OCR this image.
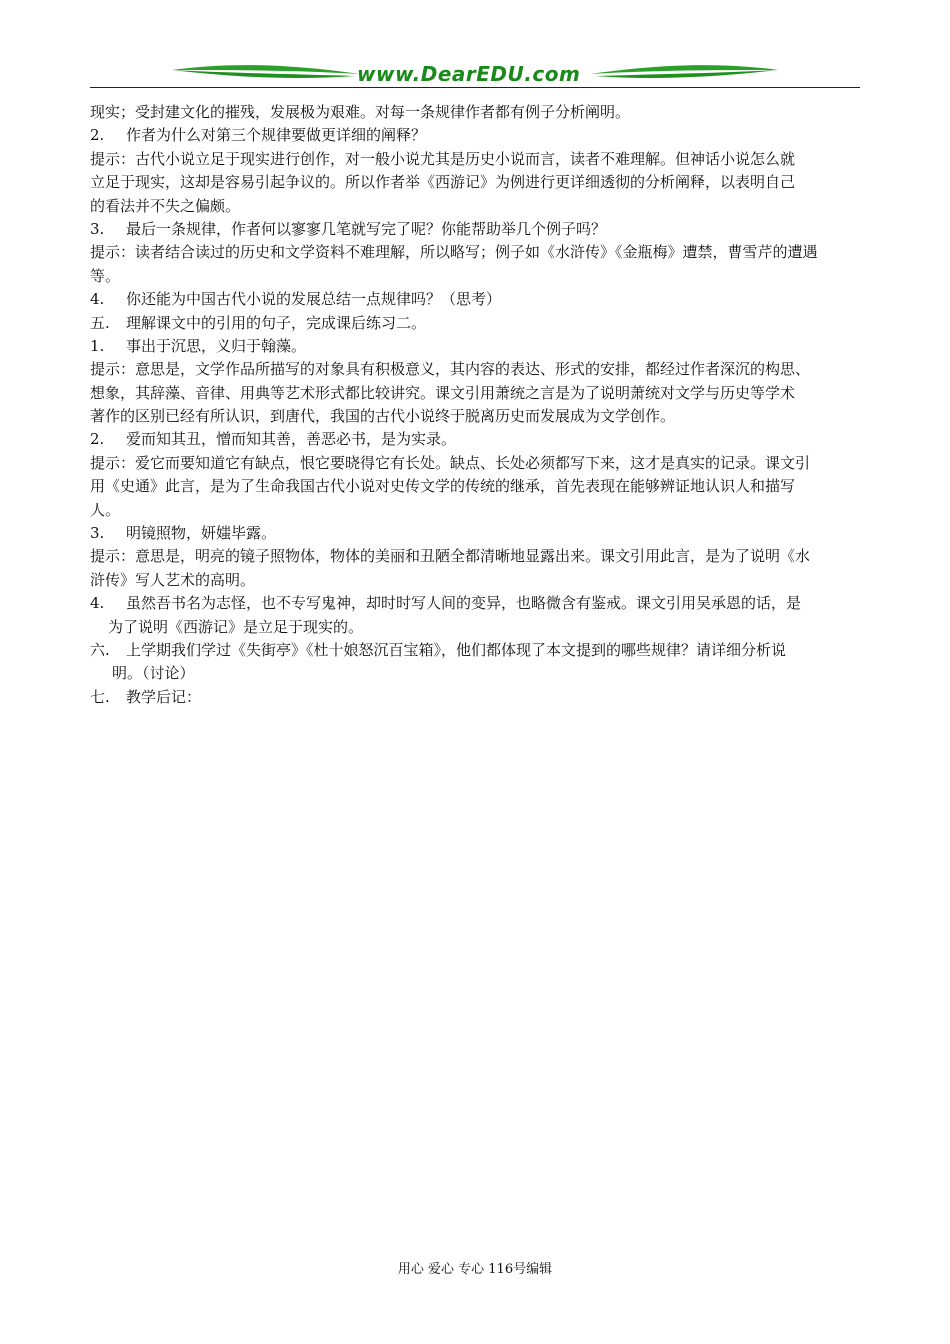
www.DearEDU.com
现实；受封建文化的摧残，发展极为艰难。对每一条规律作者都有例子分析阐明。
2. 作者为什么对第三个规律要做更详细的阐释？
提示：古代小说立足于现实进行创作，对一般小说尤其是历史小说而言，读者不难理解。但神话小说怎么就
立足于现实，这却是容易引起争议的。所以作者举《西游记》为例进行更详细透彻的分析阐释，以表明自己
的看法并不失之偏颇。
3. 最后一条规律，作者何以寥寥几笔就写完了呢？你能帮助举几个例子吗？
提示：读者结合读过的历史和文学资料不难理解，所以略写；例子如《水浒传》《金瓶梅》遭禁，曹雪芹的遭遇
等。
4. 你还能为中国古代小说的发展总结一点规律吗？（思考）
五. 理解课文中的引用的句子，完成课后练习二。
1. 事出于沉思，义归于翰藻。
提示：意思是，文学作品所描写的对象具有积极意义，其内容的表达、形式的安排，都经过作者深沉的构思、
想象，其辞藻、音律、用典等艺术形式都比较讲究。课文引用萧统之言是为了说明萧统对文学与历史等学术
著作的区别已经有所认识，到唐代，我国的古代小说终于脱离历史而发展成为文学创作。
2. 爱而知其丑，憎而知其善，善恶必书，是为实录。
提示：爱它而要知道它有缺点，恨它要晓得它有长处。缺点、长处必须都写下来，这才是真实的记录。课文引
用《史通》此言，是为了生命我国古代小说对史传文学的传统的继承，首先表现在能够辨证地认识人和描写
人。
3. 明镜照物，妍媸毕露。
提示：意思是，明亮的镜子照物体，物体的美丽和丑陋全都清晰地显露出来。课文引用此言，是为了说明《水
浒传》写人艺术的高明。
4. 虽然吾书名为志怪，也不专写鬼神，却时时写人间的变异，也略微含有鉴戒。课文引用吴承恩的话，是
为了说明《西游记》是立足于现实的。
六. 上学期我们学过《失街亭》《杜十娘怒沉百宝箱》，他们都体现了本文提到的哪些规律？请详细分析说
明。（讨论）
七. 教学后记：
用心 爱心 专心 116号编辑
